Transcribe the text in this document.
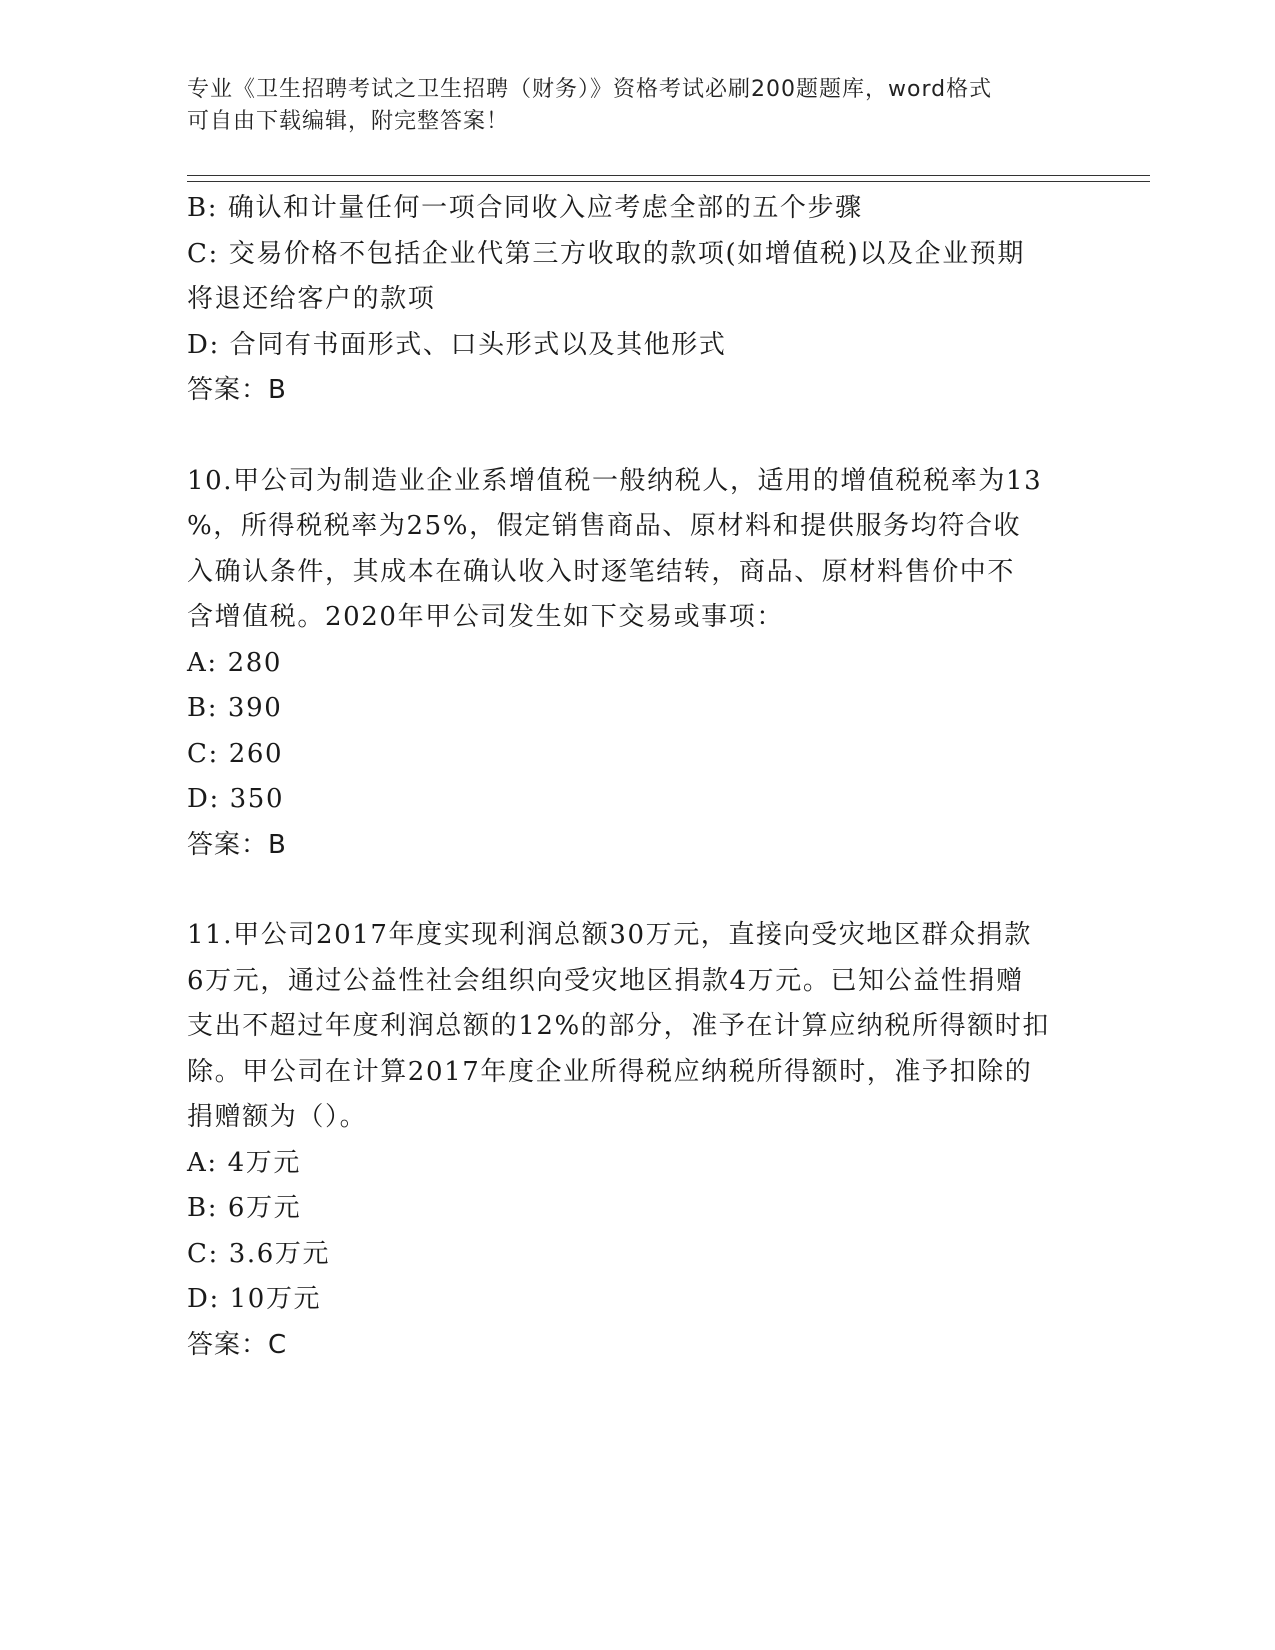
专业《卫生招聘考试之卫生招聘（财务）》资格考试必刷200题题库，word格式
可自由下载编辑，附完整答案！
B: 确认和计量任何一项合同收入应考虑全部的五个步骤
C: 交易价格不包括企业代第三方收取的款项(如增值税)以及企业预期
将退还给客户的款项
D: 合同有书面形式、口头形式以及其他形式
答案：B
10.甲公司为制造业企业系增值税一般纳税人，适用的增值税税率为13
%，所得税税率为25%，假定销售商品、原材料和提供服务均符合收
入确认条件，其成本在确认收入时逐笔结转，商品、原材料售价中不
含增值税。2020年甲公司发生如下交易或事项：
A: 280
B: 390
C: 260
D: 350
答案：B
11.甲公司2017年度实现利润总额30万元，直接向受灾地区群众捐款
6万元，通过公益性社会组织向受灾地区捐款4万元。已知公益性捐赠
支出不超过年度利润总额的12%的部分，准予在计算应纳税所得额时扣
除。甲公司在计算2017年度企业所得税应纳税所得额时，准予扣除的
捐赠额为（）。
A: 4万元
B: 6万元
C: 3.6万元
D: 10万元
答案：C
